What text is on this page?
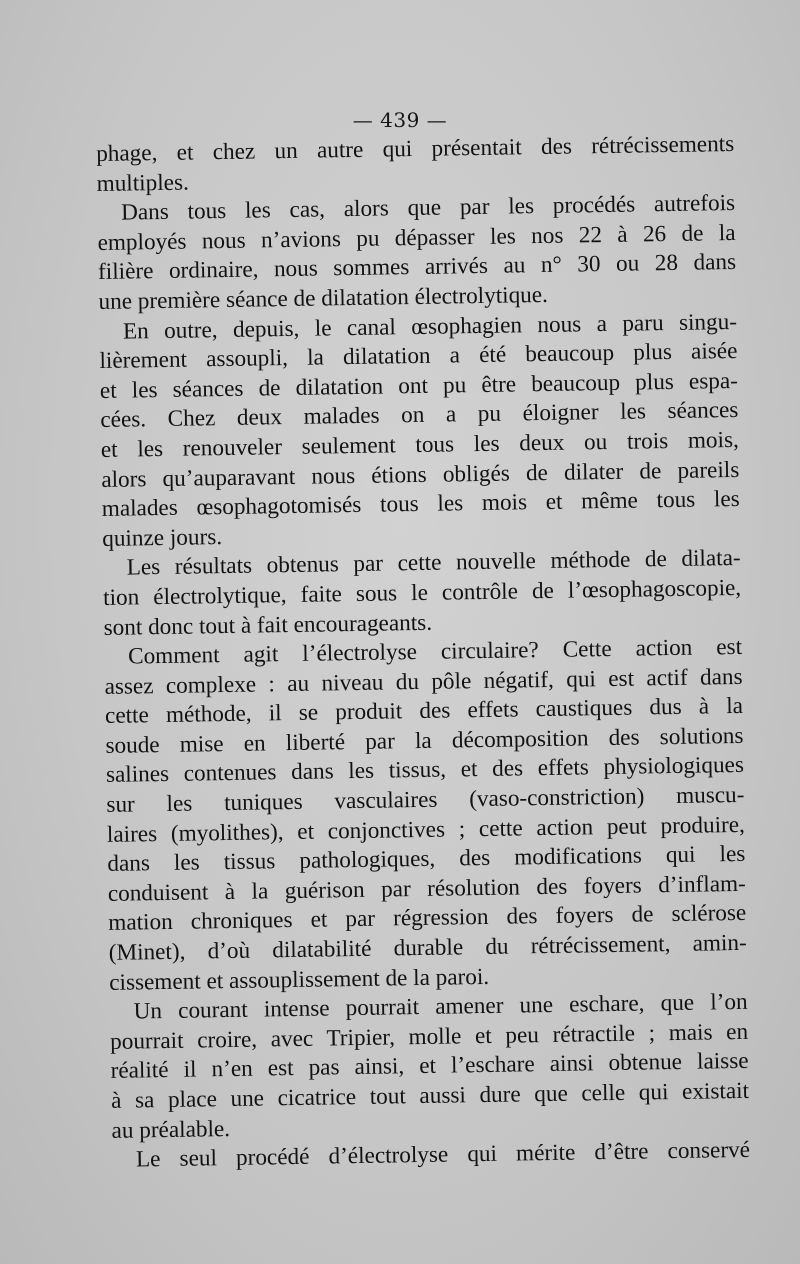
— 439 —

phage, et chez un autre qui présentait des rétrécissements
multiples.

Dans tous les cas, alors que par les procédés autrefois
employés nous n’avions pu dépasser les nos 22 à 26 de la
filière ordinaire, nous sommes arrivés au n° 30 ou 28 dans
une première séance de dilatation électrolytique.

En outre, depuis, le canal œsophagien nous a paru singu-
lièrement assoupli, la dilatation a été beaucoup plus aisée
et les séances de dilatation ont pu être beaucoup plus espa-
cées. Chez deux malades on a pu éloigner les séances
et les renouveler seulement tous les deux ou trois mois,
alors qu’auparavant nous étions obligés de dilater de pareils
malades œsophagotomisés tous les mois et même tous les
quinze jours.

Les résultats obtenus par cette nouvelle méthode de dilata-
tion électrolytique, faite sous le contrôle de l’œsophagoscopie,
sont donc tout à fait encourageants.

Comment agit l’électrolyse circulaire? Cette action est
assez complexe : au niveau du pôle négatif, qui est actif dans
cette méthode, il se produit des effets caustiques dus à la
soude mise en liberté par la décomposition des solutions
salines contenues dans les tissus, et des effets physiologiques
sur les tuniques vasculaires (vaso-constriction) muscu-
laires (myolithes), et conjonctives ; cette action peut produire,
dans les tissus pathologiques, des modifications qui les
conduisent à la guérison par résolution des foyers d’inflam-
mation chroniques et par régression des foyers de sclérose
(Minet), d’où dilatabilité durable du rétrécissement, amin-
cissement et assouplissement de la paroi.

Un courant intense pourrait amener une eschare, que l’on
pourrait croire, avec Tripier, molle et peu rétractile ; mais en
réalité il n’en est pas ainsi, et l’eschare ainsi obtenue laisse
à sa place une cicatrice tout aussi dure que celle qui existait
au préalable.

Le seul procédé d’électrolyse qui mérite d’être conservé
